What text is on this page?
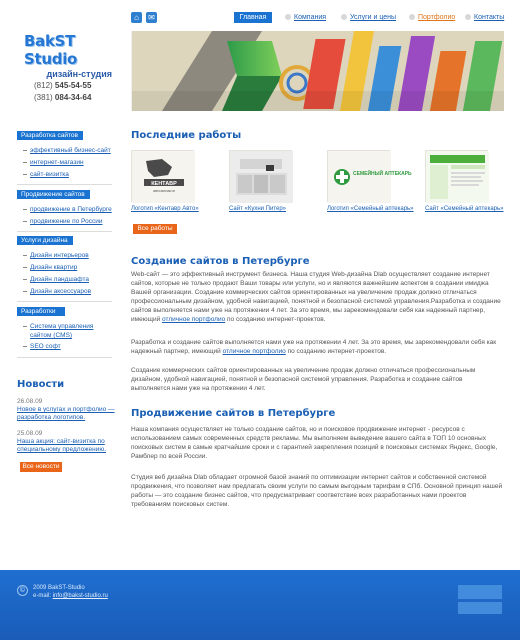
⌂	✉	Главная	Компания	Услуги и цены	Портфолио	Контакты
BakST Studio
дизайн-студия
(812) 545-54-55
(381) 084-34-64
Разработка сайтов
эффективный бизнес-сайт
интернет-магазин
сайт-визитка
Продвижение сайтов
продвижение в Петербурге
продвижение по России
Услуги дизайна
Дизайн интерьеров
Дизайн квартир
Дизайн ландшафта
Дизайн аксессуаров
Разработки
Система управления сайтом (CMS)
SEO софт
Новости
26.08.09
Новое в услугах и портфолио — разработка логотипов.
25.08.09
Наша акция: сайт-визитка по специальному предложению.
Все новости
Последние работы
КЕНТАВР
автозапчасти
СЕМЕЙНЫЙ АПТЕКАРЬ
Логотип «Кентавр Авто»	Сайт «Кухни Питер»	Логотип «Семейный аптекарь» Сайт «Семейный аптекарь»
Все работы
Создание сайтов в Петербурге
Web-сайт — это эффективный инструмент бизнеса. Наша студия Web-дизайна Dlab осуществляет создание интернет сайтов, которые не только продают Ваши товары или услуги, но и являются важнейшим аспектом в создании имиджа Вашей организации. Создание коммерческих сайтов ориентированных на увеличение продаж должно отличаться профессиональным дизайном, удобной навигацией, понятной и безопасной системой управления.Разработка и создание сайтов выполняется нами уже на протяжении 4 лет. За это время, мы зарекомендовали себя как надежный партнер, имеющий отличное портфолио по созданию интернет-проектов.
Разработка и создание сайтов выполняется нами уже на протяжении 4 лет. За это время, мы зарекомендовали себя как надежный партнер, имеющий отличное портфолио по созданию интернет-проектов.
Создание коммерческих сайтов ориентированных на увеличение продаж должно отличаться профессиональным дизайном, удобной навигацией, понятной и безопасной системой управления. Разработка и создание сайтов выполняется нами уже на протяжении 4 лет.
Продвижение сайтов в Петербурге
Наша компания осуществляет не только создание сайтов, но и поисковое продвижение интернет - ресурсов с использованием самых современных средств рекламы. Мы выполняем выведение вашего сайта в ТОП 10 основных поисковых систем в самые кратчайшие сроки и с гарантией закрепления позиций в поисковых системах Яндекс, Google, Рамблер по всей России.
Студия веб дизайна Dlab обладает огромной базой знаний по оптимизации интернет сайтов и собственной системой продвижения, что позволяет нам предлагать своим услуги по самым выгодным тарифам в СПб. Основной принцип нашей работы — это создание бизнес сайтов, что предусматривает соответствие всех разработанных нами проектов требованиям поисковых систем.
©	2009 BakST-Studio
e-mail: info@bakst-studio.ru
